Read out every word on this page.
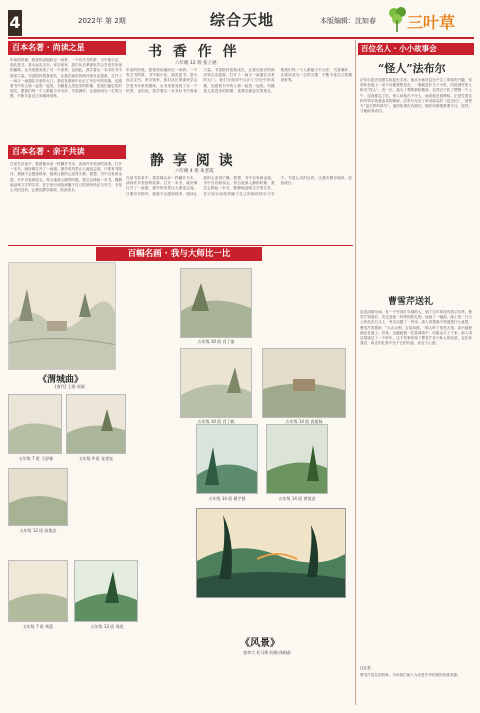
4	2022年 第 2期	综合天地	本版编辑：沈如春 三叶草
百本名著 · 尚读之星
年前的时候，我曾热切地盼过一场梦。一个有关书的梦，书中那小径，曲先是书，是永远走走书。家告知家，我们从长辈那里学会享受书本里的趣味，从书里我发现了另一个世界，也因此，我学着从一本本好书中汲取力量。书香陪伴着我成长，让我在知识的海洋里自由遨游，打开了一扇又一扇通往未来的大门。我们在阅读中认识了历史中的英雄，也跟着书中的人物一起哭一起笑。书籍是人类进步的阶梯，是我们最忠实的朋友，愿我们每一个人都能与书为伴，书香满怀，让阅读成为一生的习惯，不断丰富自己的精神世界。
书 香 作 伴
六年级 12 班 张子涵
年前的时候，我曾热切地盼过一场梦。一个有关书的梦，书中那小径，曲先是书，是永远走走书。家告知家，我们从长辈那里学会享受书本里的趣味，从书里我发现了另一个世界，也因此，我学着从一本本好书中汲取力量。书香陪伴着我成长，让我在知识的海洋里自由遨游，打开了一扇又一扇通往未来的大门。我们在阅读中认识了历史中的英雄，也跟着书中的人物一起哭一起笑。书籍是人类进步的阶梯，是我们最忠实的朋友，愿我们每一个人都能与书为伴，书香满怀，让阅读成为一生的习惯，不断丰富自己的精神世界。
百本名著 · 亲子共读
静 享 阅 读
六年级 4 班 朱老霞
在某书页某中，我曾像从前一样翻开书本，读到许多美妙的故事。打开一本书，就好像打开了一扇窗，窗外的风景让人流连忘返。只要有书陪伴，我就不会感到孤单，阅读让我的心变得宁静。我想，书中自有黄金屋，书中自有颜如玉。每当夜深人静的时候，我总会捧起一本书，静静地品味文字的芬芳，在字里行间找到属于自己的那份快乐与安宁。书是心灵的良药，让我们静享阅读，收获成长。
在某书页某中，我曾像从前一样翻开书本，读到许多美妙的故事。打开一本书，就好像打开了一扇窗，窗外的风景让人流连忘返。只要有书陪伴，我就不会感到孤单，阅读让我的心变得宁静。我想，书中自有黄金屋，书中自有颜如玉。每当夜深人静的时候，我总会捧起一本书，静静地品味文字的芬芳，在字里行间找到属于自己的那份快乐与安宁。书是心灵的良药，让我们静享阅读，收获成长。
百位名人 · 小小故事会
“怪人”法布尔
法布尔是法国著名的昆虫学家。他从小就对昆虫产生了浓厚的兴趣，常常趴在地上一动不动地观察昆虫，一看就是好几个小时，因此被村里人称为“怪人”。有一次，他为了观察蚂蚁搬家，在烈日下趴了整整一个上午，连饭都忘了吃。别人问他在干什么，他说他在看蚂蚁。正是凭着这种对科学执着追求的精神，法布尔写出了举世闻名的《昆虫记》，被誉为“昆虫界的荷马”。他的故事告诉我们，做任何事情都要专注、坚持，才能取得成功。
曹雪芹送礼
话说清朝年间，有一个穷得叮当响的人，到了过年却没有钱买年货。曹雪芹知道后，决定送他一份特别的礼物。他画了一幅画，画上是一只大公鸡站在石头上，旁边还题了一首诗。那人拿着画不知道是什么意思，曹雪芹笑着说：“大吉大利，吉星高照。”那人听了恍然大悟，高兴地把画挂在墙上。后来，这幅画被一位富商看中，用重金买了下来，那人用这笔钱过了一个好年。这个故事体现了曹雪芹乐于助人的品质，也告诉我们，真正的礼物不在于它的价值，而在于心意。
这让是：
曹雪芹送礼的故事，告诉我们助人为乐是中华民族的传统美德。
百幅名画 · 我与大师比一比
《渭城曲》
[唐代] 王维 原画
五年级 10 班 肖丁丽
五年级 10 班 肖丁帆	五年级 14 班 高旭杨
五年级 7 班 于舒雅	五年级 9 班 张雯钰
五年级 12 班 陈俊安
五年级 14 班 戴宇涵	五年级 14 班 黄悦安
五年级 7 班 黄蒙	五年级 13 班 周欣
《风景》
加拿大 托马斯·约翰·汤姆森
